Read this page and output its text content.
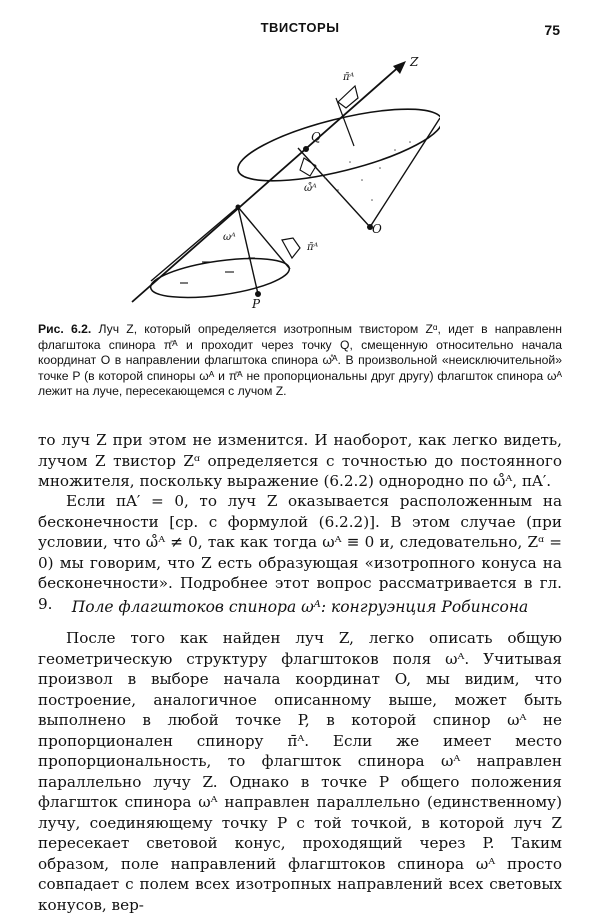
ТВИСТОРЫ	75
Z
π̄ᴬ
Q
ω̊ᴬ
O
ωᴬ
π̄ᴬ
P
Рис. 6.2. Луч Z, который определяется изотропным твистором Zᵅ, идет в направленн флагштока спинора π̄ᴬ и проходит через точку Q, смещенную относительно начала координат O в направлении флагштока спинора ω̊ᴬ. В произвольной «неисключительной» точке P (в которой спиноры ωᴬ и π̄ᴬ не пропорциональны друг другу) флагшток спинора ωᴬ лежит на луче, пересекающемся с лучом Z.

то луч Z при этом не изменится. И наоборот, как легко видеть, лучом Z твистор Zᵅ определяется с точностью до постоянного множителя, поскольку выражение (6.2.2) однородно по ω̊ᴬ, πA′.

Если πA′ = 0, то луч Z оказывается расположенным на бесконечности [ср. с формулой (6.2.2)]. В этом случае (при условии, что ω̊ᴬ ≠ 0, так как тогда ωᴬ ≡ 0 и, следовательно, Zᵅ = 0) мы говорим, что Z есть образующая «изотропного конуса на бесконечности». Подробнее этот вопрос рассматривается в гл. 9.	Поле флагштоков спинора ωᴬ: конгруэнция Робинсона

После того как найден луч Z, легко описать общую геометрическую структуру флагштоков поля ωᴬ. Учитывая произвол в выборе начала координат O, мы видим, что построение, аналогичное описанному выше, может быть выполнено в любой точке P, в которой спинор ωᴬ не пропорционален спинору π̄ᴬ. Если же имеет место пропорциональность, то флагшток спинора ωᴬ направлен параллельно лучу Z. Однако в точке P общего положения флагшток спинора ωᴬ направлен параллельно (единственному) лучу, соединяющему точку P с той точкой, в которой луч Z пересекает световой конус, проходящий через P. Таким образом, поле направлений флагштоков спинора ωᴬ просто совпадает с полем всех изотропных направлений всех световых конусов, вер-
